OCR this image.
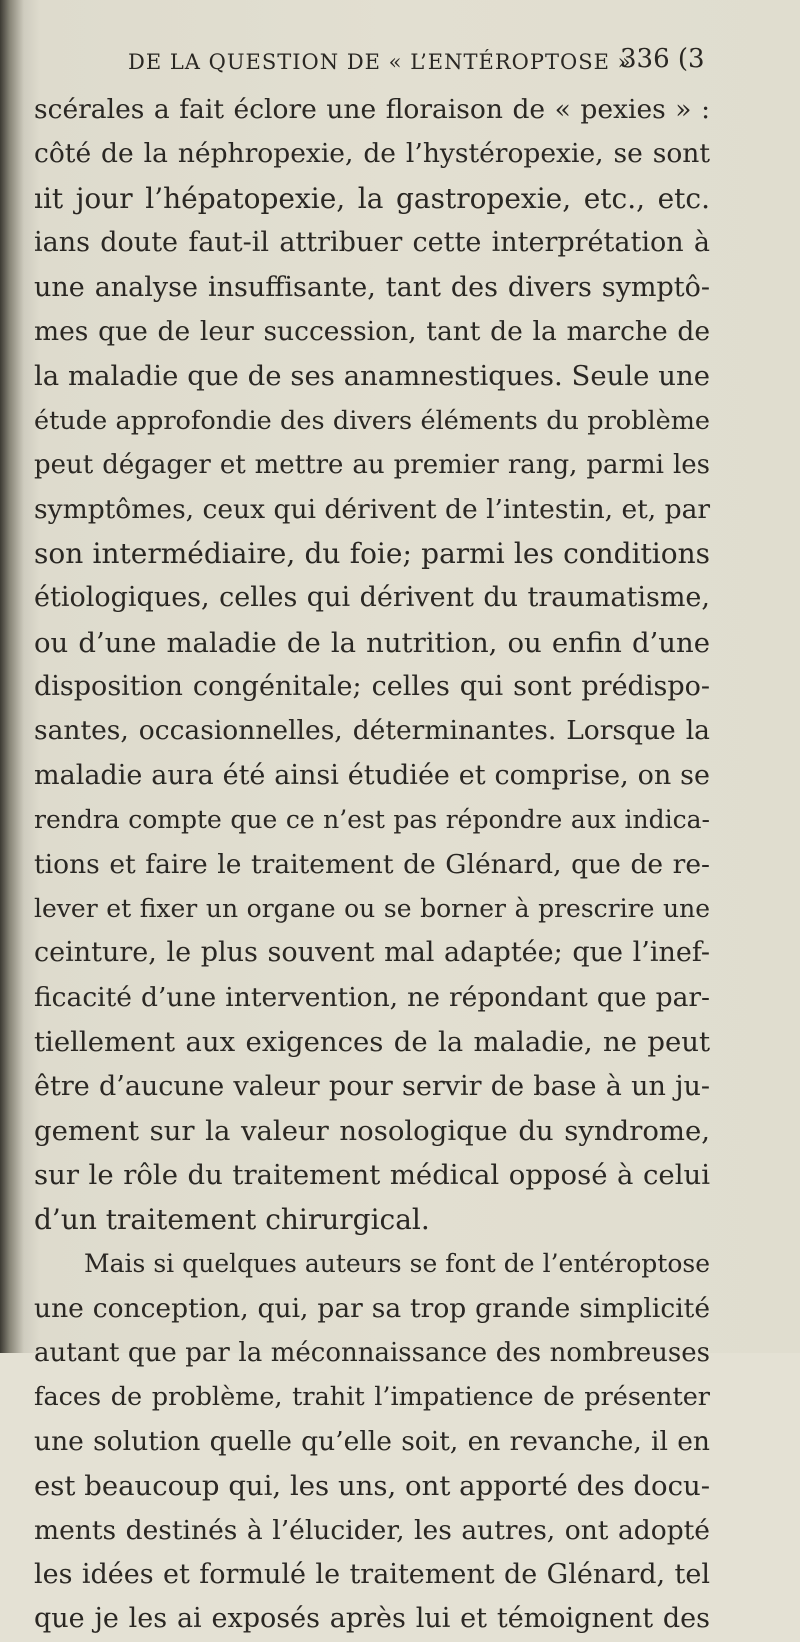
DE LA QUESTION DE « L’ENTÉROPTOSE »
336 (3
scérales a fait éclore une floraison de « pexies » :
côté de la néphropexie, de l’hystéropexie, se sont
ıit jour l’hépatopexie, la gastropexie, etc., etc.
ians doute faut-il attribuer cette interprétation à
une analyse insuffisante, tant des divers symptô-
mes que de leur succession, tant de la marche de
la maladie que de ses anamnestiques. Seule une
étude approfondie des divers éléments du problème
peut dégager et mettre au premier rang, parmi les
symptômes, ceux qui dérivent de l’intestin, et, par
son intermédiaire, du foie; parmi les conditions
étiologiques, celles qui dérivent du traumatisme,
ou d’une maladie de la nutrition, ou enfin d’une
disposition congénitale; celles qui sont prédispo-
santes, occasionnelles, déterminantes. Lorsque la
maladie aura été ainsi étudiée et comprise, on se
rendra compte que ce n’est pas répondre aux indica-
tions et faire le traitement de Glénard, que de re-
lever et fixer un organe ou se borner à prescrire une
ceinture, le plus souvent mal adaptée; que l’inef-
ficacité d’une intervention, ne répondant que par-
tiellement aux exigences de la maladie, ne peut
être d’aucune valeur pour servir de base à un ju-
gement sur la valeur nosologique du syndrome,
sur le rôle du traitement médical opposé à celui
d’un traitement chirurgical.
Mais si quelques auteurs se font de l’entéroptose
une conception, qui, par sa trop grande simplicité
autant que par la méconnaissance des nombreuses
faces de problème, trahit l’impatience de présenter
une solution quelle qu’elle soit, en revanche, il en
est beaucoup qui, les uns, ont apporté des docu-
ments destinés à l’élucider, les autres, ont adopté
les idées et formulé le traitement de Glénard, tel
que je les ai exposés après lui et témoignent des
